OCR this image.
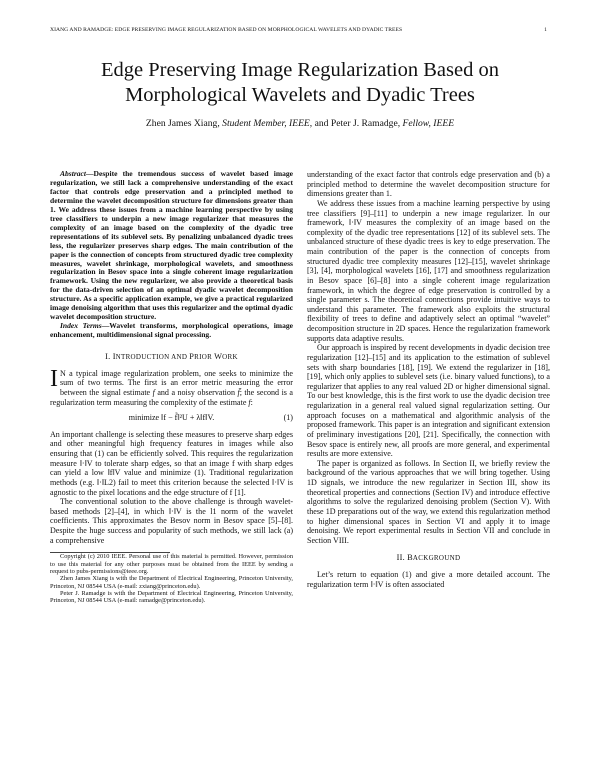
XIANG AND RAMADGE: EDGE PRESERVING IMAGE REGULARIZATION BASED ON MORPHOLOGICAL WAVELETS AND DYADIC TREES	1
Edge Preserving Image Regularization Based on
Morphological Wavelets and Dyadic Trees
Zhen James Xiang, Student Member, IEEE, and Peter J. Ramadge, Fellow, IEEE

Abstract—Despite the tremendous success of wavelet based image regularization, we still lack a comprehensive understanding of the exact factor that controls edge preservation and a principled method to determine the wavelet decomposition structure for dimensions greater than 1. We address these issues from a machine learning perspective by using tree classifiers to underpin a new image regularizer that measures the complexity of an image based on the complexity of the dyadic tree representations of its sublevel sets. By penalizing unbalanced dyadic trees less, the regularizer preserves sharp edges. The main contribution of the paper is the connection of concepts from structured dyadic tree complexity measures, wavelet shrinkage, morphological wavelets, and smoothness regularization in Besov space into a single coherent image regularization framework. Using the new regularizer, we also provide a theoretical basis for the data-driven selection of an optimal dyadic wavelet decomposition structure. As a specific application example, we give a practical regularized image denoising algorithm that uses this regularizer and the optimal dyadic wavelet decomposition structure.

Index Terms—Wavelet transforms, morphological operations, image enhancement, multidimensional signal processing.

I. INTRODUCTION AND PRIOR WORK

I N a typical image regularization problem, one seeks to minimize the sum of two terms. The first is an error metric measuring the error between the signal estimate f and a noisy observation f̃; the second is a regularization term measuring the complexity of the estimate f:

minimize ‖f − f̃‖²U + λ‖f‖V.	(1)

An important challenge is selecting these measures to preserve sharp edges and other meaningful high frequency features in images while also ensuring that (1) can be efficiently solved. This requires the regularization measure ‖·‖V to tolerate sharp edges, so that an image f with sharp edges can yield a low ‖f‖V value and minimize (1). Traditional regularization methods (e.g. ‖·‖L2) fail to meet this criterion because the selected ‖·‖V is agnostic to the pixel locations and the edge structure of f [1].

The conventional solution to the above challenge is through wavelet-based methods [2]–[4], in which ‖·‖V is the l1 norm of the wavelet coefficients. This approximates the Besov norm in Besov space [5]–[8]. Despite the huge success and popularity of such methods, we still lack (a) a comprehensive

Copyright (c) 2010 IEEE. Personal use of this material is permitted. However, permission to use this material for any other purposes must be obtained from the IEEE by sending a request to pubs-permissions@ieee.org.

Zhen James Xiang is with the Department of Electrical Engineering, Princeton University, Princeton, NJ 08544 USA (e-mail: zxiang@princeton.edu).

Peter J. Ramadge is with the Department of Electrical Engineering, Princeton University, Princeton, NJ 08544 USA (e-mail: ramadge@princeton.edu).

understanding of the exact factor that controls edge preservation and (b) a principled method to determine the wavelet decomposition structure for dimensions greater than 1.

We address these issues from a machine learning perspective by using tree classifiers [9]–[11] to underpin a new image regularizer. In our framework, ‖·‖V measures the complexity of an image based on the complexity of the dyadic tree representations [12] of its sublevel sets. The unbalanced structure of these dyadic trees is key to edge preservation. The main contribution of the paper is the connection of concepts from structured dyadic tree complexity measures [12]–[15], wavelet shrinkage [3], [4], morphological wavelets [16], [17] and smoothness regularization in Besov space [6]–[8] into a single coherent image regularization framework, in which the degree of edge preservation is controlled by a single parameter s. The theoretical connections provide intuitive ways to understand this parameter. The framework also exploits the structural flexibility of trees to define and adaptively select an optimal “wavelet” decomposition structure in 2D spaces. Hence the regularization framework supports data adaptive results.

Our approach is inspired by recent developments in dyadic decision tree regularization [12]–[15] and its application to the estimation of sublevel sets with sharp boundaries [18], [19]. We extend the regularizer in [18], [19], which only applies to sublevel sets (i.e. binary valued functions), to a regularizer that applies to any real valued 2D or higher dimensional signal. To our best knowledge, this is the first work to use the dyadic decision tree regularization in a general real valued signal regularization setting. Our approach focuses on a mathematical and algorithmic analysis of the proposed framework. This paper is an integration and significant extension of preliminary investigations [20], [21]. Specifically, the connection with Besov space is entirely new, all proofs are more general, and experimental results are more extensive.

The paper is organized as follows. In Section II, we briefly review the background of the various approaches that we will bring together. Using 1D signals, we introduce the new regularizer in Section III, show its theoretical properties and connections (Section IV) and introduce effective algorithms to solve the regularized denoising problem (Section V). With these 1D preparations out of the way, we extend this regularization method to higher dimensional spaces in Section VI and apply it to image denoising. We report experimental results in Section VII and conclude in Section VIII.

II. BACKGROUND

Let’s return to equation (1) and give a more detailed account. The regularization term ‖·‖V is often associated
